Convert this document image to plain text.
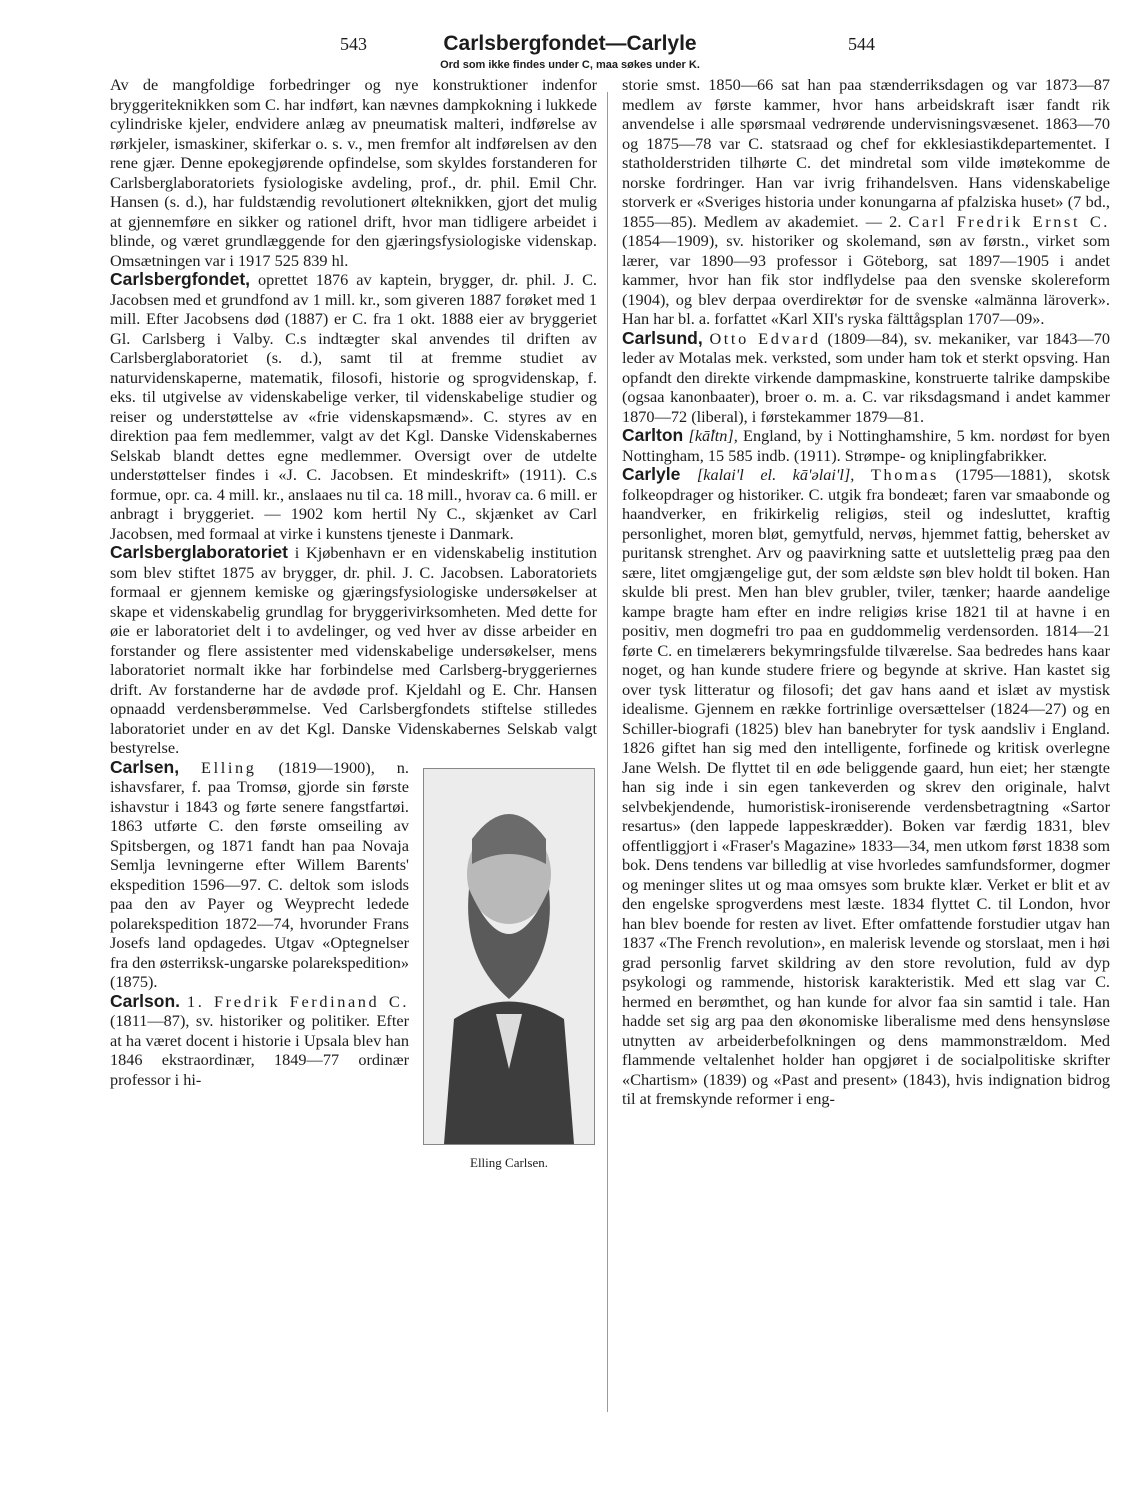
543	Carlsbergfondet—Carlyle	544
Ord som ikke findes under C, maa søkes under K.

Av de mangfoldige forbedringer og nye konstruktioner indenfor bryggeriteknikken som C. har indført, kan nævnes dampkokning i lukkede cylindriske kjeler, endvidere anlæg av pneumatisk malteri, indførelse av rørkjeler, ismaskiner, skiferkar o. s. v., men fremfor alt indførelsen av den rene gjær. Denne epokegjørende opfindelse, som skyldes forstanderen for Carlsberglaboratoriets fysiologiske avdeling, prof., dr. phil. Emil Chr. Hansen (s. d.), har fuldstændig revolutionert ølteknikken, gjort det mulig at gjennemføre en sikker og rationel drift, hvor man tidligere arbeidet i blinde, og været grundlæggende for den gjæringsfysiologiske videnskap. Omsætningen var i 1917 525 839 hl.

Carlsbergfondet, oprettet 1876 av kaptein, brygger, dr. phil. J. C. Jacobsen med et grundfond av 1 mill. kr., som giveren 1887 forøket med 1 mill. Efter Jacobsens død (1887) er C. fra 1 okt. 1888 eier av bryggeriet Gl. Carlsberg i Valby. C.s indtægter skal anvendes til driften av Carlsberglaboratoriet (s. d.), samt til at fremme studiet av naturvidenskaperne, matematik, filosofi, historie og sprogvidenskap, f. eks. til utgivelse av videnskabelige verker, til videnskabelige studier og reiser og understøttelse av «frie videnskapsmænd». C. styres av en direktion paa fem medlemmer, valgt av det Kgl. Danske Videnskabernes Selskab blandt dettes egne medlemmer. Oversigt over de utdelte understøttelser findes i «J. C. Jacobsen. Et mindeskrift» (1911). C.s formue, opr. ca. 4 mill. kr., anslaaes nu til ca. 18 mill., hvorav ca. 6 mill. er anbragt i bryggeriet. — 1902 kom hertil Ny C., skjænket av Carl Jacobsen, med formaal at virke i kunstens tjeneste i Danmark.

Carlsberglaboratoriet i Kjøbenhavn er en videnskabelig institution som blev stiftet 1875 av brygger, dr. phil. J. C. Jacobsen. Laboratoriets formaal er gjennem kemiske og gjæringsfysiologiske undersøkelser at skape et videnskabelig grundlag for bryggerivirksomheten. Med dette for øie er laboratoriet delt i to avdelinger, og ved hver av disse arbeider en forstander og flere assistenter med videnskabelige undersøkelser, mens laboratoriet normalt ikke har forbindelse med Carlsberg-bryggeriernes drift. Av forstanderne har de avdøde prof. Kjeldahl og E. Chr. Hansen opnaadd verdensberømmelse. Ved Carlsbergfondets stiftelse stilledes laboratoriet under en av det Kgl. Danske Videnskabernes Selskab valgt bestyrelse.

Elling Carlsen.

Carlsen, Elling (1819—1900), n. ishavsfarer, f. paa Tromsø, gjorde sin første ishavstur i 1843 og førte senere fangstfartøi. 1863 utførte C. den første omseiling av Spitsbergen, og 1871 fandt han paa Novaja Semlja levningerne efter Willem Barents' ekspedition 1596—97. C. deltok som islods paa den av Payer og Weyprecht ledede polarekspedition 1872—74, hvorunder Frans Josefs land opdagedes. Utgav «Optegnelser fra den østerriksk-ungarske polarekspedition» (1875).

Carlson. 1. Fredrik Ferdinand C. (1811—87), sv. historiker og politiker. Efter at ha været docent i historie i Upsala blev han 1846 ekstraordinær, 1849—77 ordinær professor i hi-

storie smst. 1850—66 sat han paa stænderriksdagen og var 1873—87 medlem av første kammer, hvor hans arbeidskraft især fandt rik anvendelse i alle spørsmaal vedrørende undervisningsvæsenet. 1863—70 og 1875—78 var C. statsraad og chef for ekklesiastikdepartementet. I statholderstriden tilhørte C. det mindretal som vilde imøtekomme de norske fordringer. Han var ivrig frihandelsven. Hans videnskabelige storverk er «Sveriges historia under konungarna af pfalziska huset» (7 bd., 1855—85). Medlem av akademiet. — 2. Carl Fredrik Ernst C. (1854—1909), sv. historiker og skolemand, søn av førstn., virket som lærer, var 1890—93 professor i Göteborg, sat 1897—1905 i andet kammer, hvor han fik stor indflydelse paa den svenske skolereform (1904), og blev derpaa overdirektør for de svenske «almänna läroverk». Han har bl. a. forfattet «Karl XII's ryska fälttågsplan 1707—09».

Carlsund, Otto Edvard (1809—84), sv. mekaniker, var 1843—70 leder av Motalas mek. verksted, som under ham tok et sterkt opsving. Han opfandt den direkte virkende dampmaskine, konstruerte talrike dampskibe (ogsaa kanonbaater), broer o. m. a. C. var riksdagsmand i andet kammer 1870—72 (liberal), i førstekammer 1879—81.

Carlton [kā̊ltn], England, by i Nottinghamshire, 5 km. nordøst for byen Nottingham, 15 585 indb. (1911). Strømpe- og kniplingfabrikker.

Carlyle [kalai'l el. kā'əlai'l], Thomas (1795—1881), skotsk folkeopdrager og historiker. C. utgik fra bondeæt; faren var smaabonde og haandverker, en frikirkelig religiøs, steil og indesluttet, kraftig personlighet, moren bløt, gemytfuld, nervøs, hjemmet fattig, behersket av puritansk strenghet. Arv og paavirkning satte et uutslettelig præg paa den sære, litet omgjængelige gut, der som ældste søn blev holdt til boken. Han skulde bli prest. Men han blev grubler, tviler, tænker; haarde aandelige kampe bragte ham efter en indre religiøs krise 1821 til at havne i en positiv, men dogmefri tro paa en guddommelig verdensorden. 1814—21 førte C. en timelærers bekymringsfulde tilværelse. Saa bedredes hans kaar noget, og han kunde studere friere og begynde at skrive. Han kastet sig over tysk litteratur og filosofi; det gav hans aand et islæt av mystisk idealisme. Gjennem en række fortrinlige oversættelser (1824—27) og en Schiller-biografi (1825) blev han banebryter for tysk aandsliv i England. 1826 giftet han sig med den intelligente, forfinede og kritisk overlegne Jane Welsh. De flyttet til en øde beliggende gaard, hun eiet; her stængte han sig inde i sin egen tankeverden og skrev den originale, halvt selvbekjendende, humoristisk-ironiserende verdensbetragtning «Sartor resartus» (den lappede lappeskrædder). Boken var færdig 1831, blev offentliggjort i «Fraser's Magazine» 1833—34, men utkom først 1838 som bok. Dens tendens var billedlig at vise hvorledes samfundsformer, dogmer og meninger slites ut og maa omsyes som brukte klær. Verket er blit et av den engelske sprogverdens mest læste. 1834 flyttet C. til London, hvor han blev boende for resten av livet. Efter omfattende forstudier utgav han 1837 «The French revolution», en malerisk levende og storslaat, men i høi grad personlig farvet skildring av den store revolution, fuld av dyp psykologi og rammende, historisk karakteristik. Med ett slag var C. hermed en berømthet, og han kunde for alvor faa sin samtid i tale. Han hadde set sig arg paa den økonomiske liberalisme med dens hensynsløse utnytten av arbeiderbefolkningen og dens mammonstrældom. Med flammende veltalenhet holder han opgjøret i de socialpolitiske skrifter «Chartism» (1839) og «Past and present» (1843), hvis indignation bidrog til at fremskynde reformer i eng-
